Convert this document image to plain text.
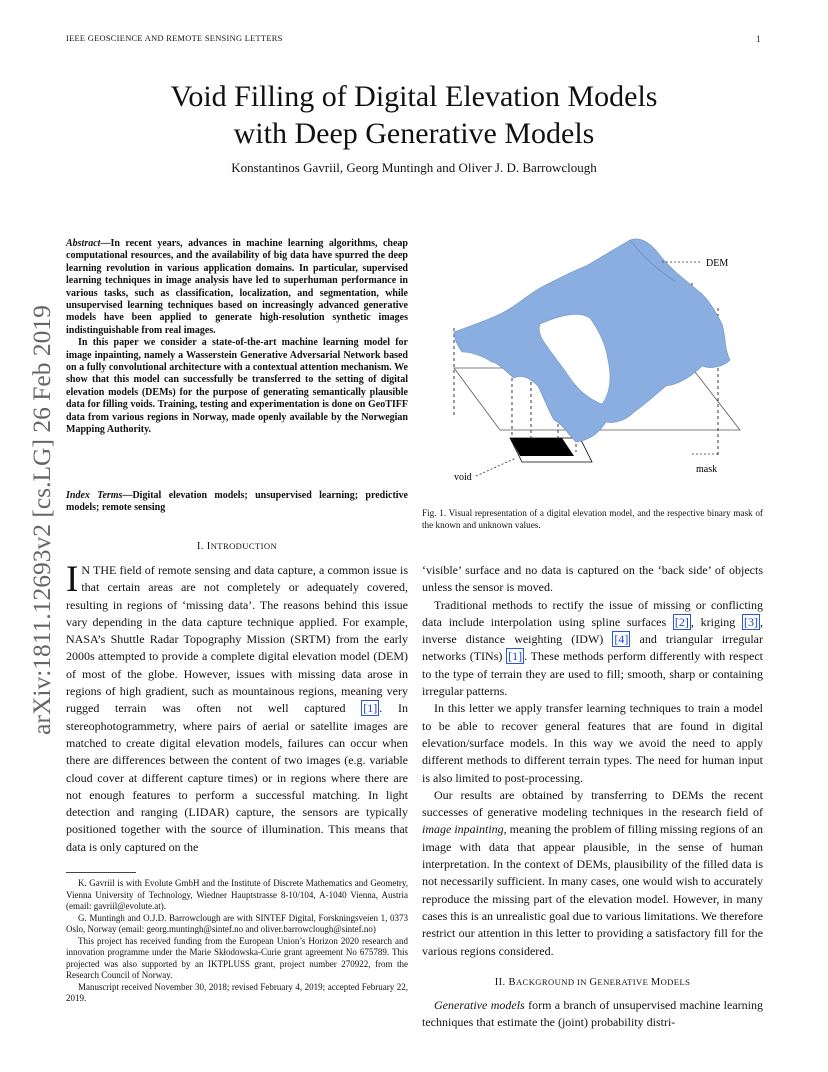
IEEE GEOSCIENCE AND REMOTE SENSING LETTERS	1
Void Filling of Digital Elevation Models
with Deep Generative Models
Konstantinos Gavriil, Georg Muntingh and Oliver J. D. Barrowclough
arXiv:1811.12693v2 [cs.LG] 26 Feb 2019

Abstract—In recent years, advances in machine learning algorithms, cheap computational resources, and the availability of big data have spurred the deep learning revolution in various application domains. In particular, supervised learning techniques in image analysis have led to superhuman performance in various tasks, such as classification, localization, and segmentation, while unsupervised learning techniques based on increasingly advanced generative models have been applied to generate high-resolution synthetic images indistinguishable from real images.

In this paper we consider a state-of-the-art machine learning model for image inpainting, namely a Wasserstein Generative Adversarial Network based on a fully convolutional architecture with a contextual attention mechanism. We show that this model can successfully be transferred to the setting of digital elevation models (DEMs) for the purpose of generating semantically plausible data for filling voids. Training, testing and experimentation is done on GeoTIFF data from various regions in Norway, made openly available by the Norwegian Mapping Authority.

Index Terms—Digital elevation models; unsupervised learning; predictive models; remote sensing
I. INTRODUCTION
I N THE field of remote sensing and data capture, a common issue is that certain areas are not completely or adequately covered, resulting in regions of ‘missing data’. The reasons behind this issue vary depending in the data capture technique applied. For example, NASA’s Shuttle Radar Topography Mission (SRTM) from the early 2000s attempted to provide a complete digital elevation model (DEM) of most of the globe. However, issues with missing data arose in regions of high gradient, such as mountainous regions, meaning very rugged terrain was often not well captured [1] . In stereophotogrammetry, where pairs of aerial or satellite images are matched to create digital elevation models, failures can occur when there are differences between the content of two images (e.g. variable cloud cover at different capture times) or in regions where there are not enough features to perform a successful matching. In light detection and ranging (LIDAR) capture, the sensors are typically positioned together with the source of illumination. This means that data is only captured on the

K. Gavriil is with Evolute GmbH and the Institute of Discrete Mathematics and Geometry, Vienna University of Technology, Wiedner Hauptstrasse 8-10/104, A-1040 Vienna, Austria (email: gavriil@evolute.at).

G. Muntingh and O.J.D. Barrowclough are with SINTEF Digital, Forskningsveien 1, 0373 Oslo, Norway (email: georg.muntingh@sintef.no and oliver.barrowclough@sintef.no)

This project has received funding from the European Union’s Horizon 2020 research and innovation programme under the Marie Skłodowska-Curie grant agreement No 675789. This projected was also supported by an IKTPLUSS grant, project number 270922, from the Research Council of Norway.

Manuscript received November 30, 2018; revised February 4, 2019; accepted February 22, 2019.

DEM
void
mask
Fig. 1. Visual representation of a digital elevation model, and the respective binary mask of the known and unknown values.

‘visible’ surface and no data is captured on the ‘back side’ of objects unless the sensor is moved.

Traditional methods to rectify the issue of missing or conflicting data include interpolation using spline surfaces [2] , kriging [3] , inverse distance weighting (IDW) [4] and triangular irregular networks (TINs) [1] . These methods perform differently with respect to the type of terrain they are used to fill; smooth, sharp or containing irregular patterns.

In this letter we apply transfer learning techniques to train a model to be able to recover general features that are found in digital elevation/surface models. In this way we avoid the need to apply different methods to different terrain types. The need for human input is also limited to post-processing.

Our results are obtained by transferring to DEMs the recent successes of generative modeling techniques in the research field of image inpainting, meaning the problem of filling missing regions of an image with data that appear plausible, in the sense of human interpretation. In the context of DEMs, plausibility of the filled data is not necessarily sufficient. In many cases, one would wish to accurately reproduce the missing part of the elevation model. However, in many cases this is an unrealistic goal due to various limitations. We therefore restrict our attention in this letter to providing a satisfactory fill for the various regions considered.

II. BACKGROUND IN GENERATIVE MODELS

Generative models form a branch of unsupervised machine learning techniques that estimate the (joint) probability distri-
